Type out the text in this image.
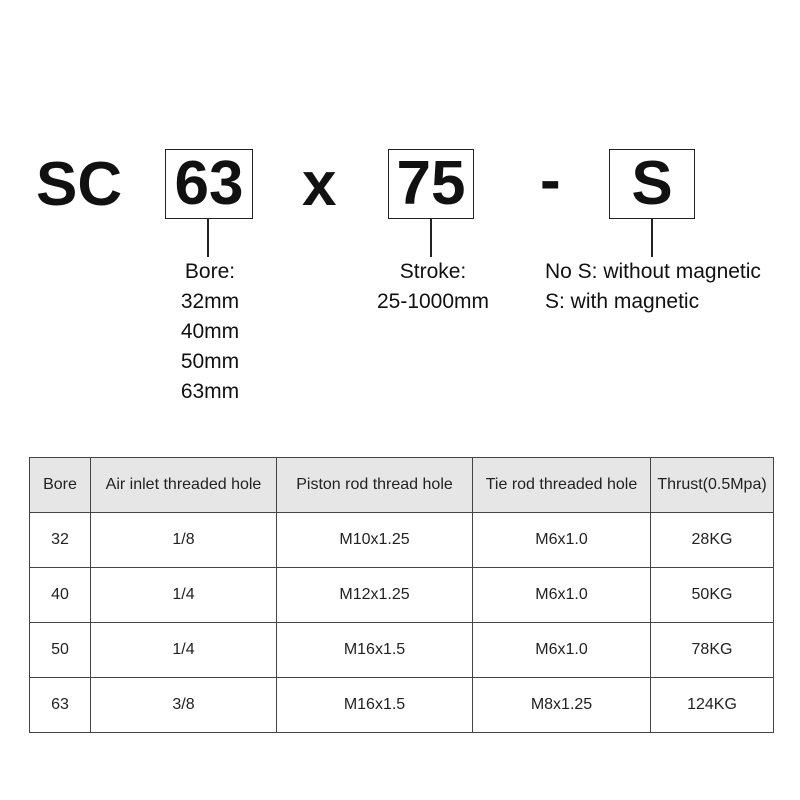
SC 63 x 75 -	S
Bore:
32mm
40mm
50mm
63mm
Stroke:
25-1000mm
No S: without magnetic
S: with magnetic
Bore	Air inlet threaded hole	Piston rod thread hole	Tie rod threaded hole	Thrust(0.5Mpa)
32	1/8	M10x1.25	M6x1.0	28KG
40	1/4	M12x1.25	M6x1.0	50KG
50	1/4	M16x1.5	M6x1.0	78KG
63	3/8	M16x1.5	M8x1.25	124KG
